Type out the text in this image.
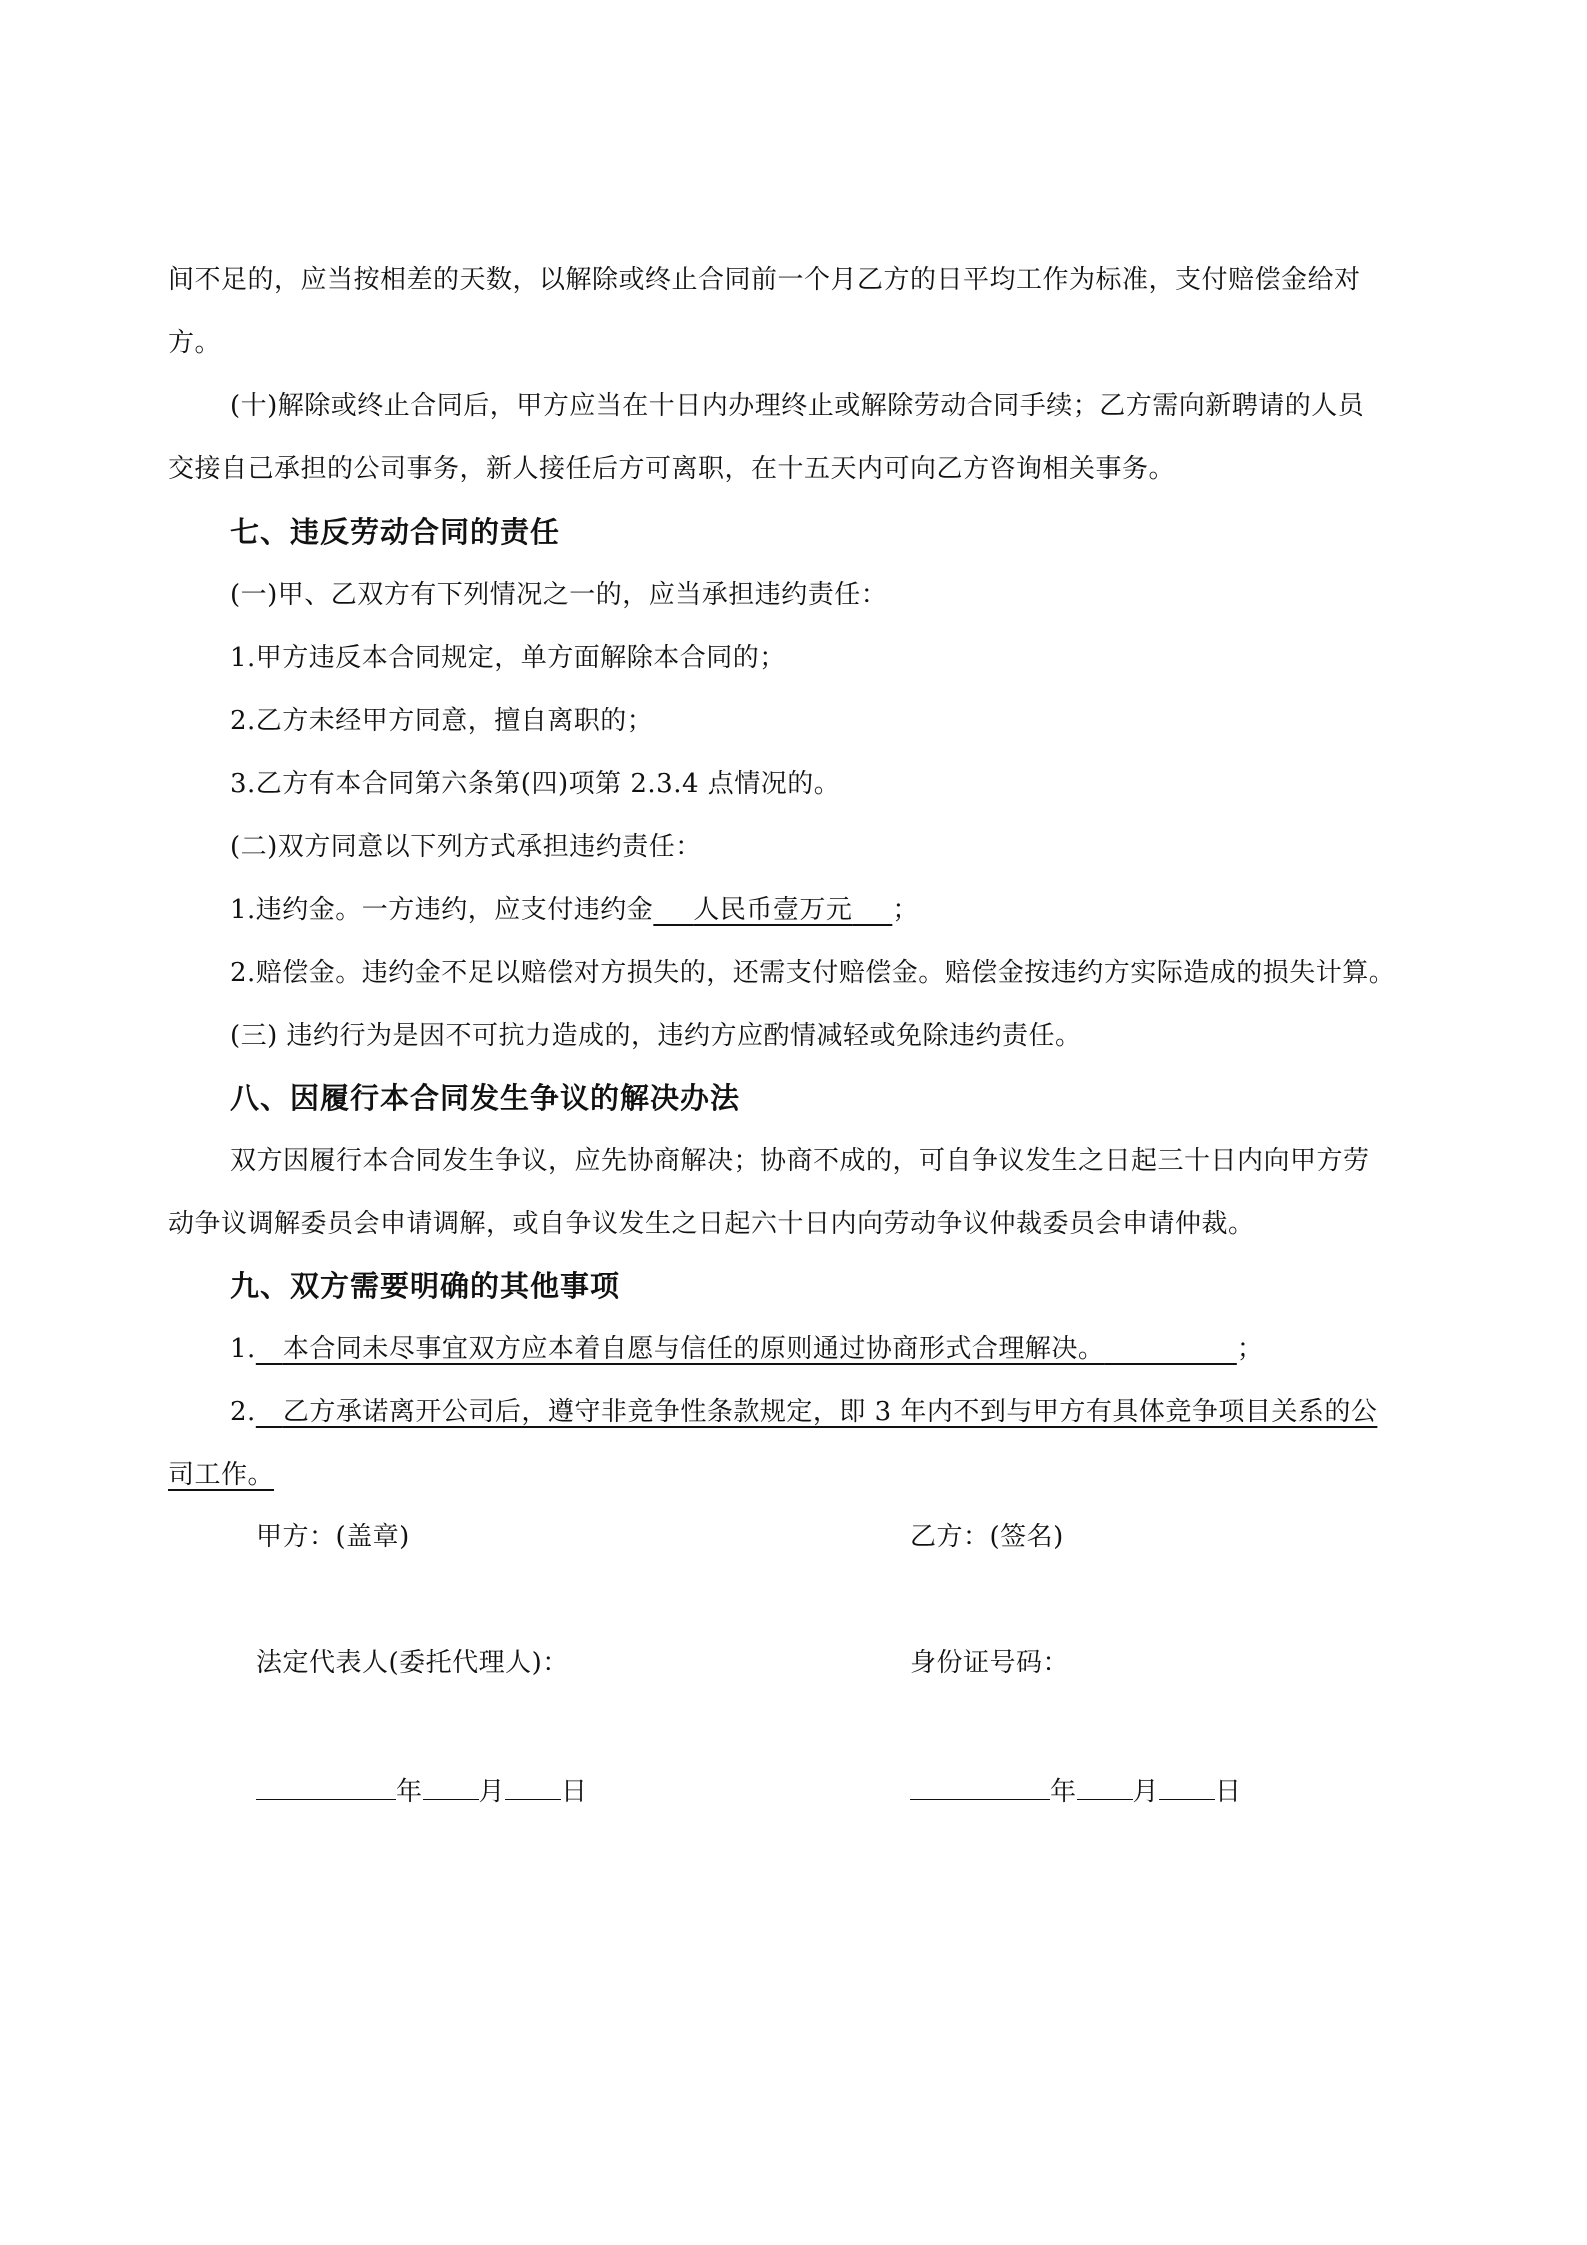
间不足的，应当按相差的天数，以解除或终止合同前一个月乙方的日平均工作为标准，支付赔偿金给对
方。
(十)解除或终止合同后，甲方应当在十日内办理终止或解除劳动合同手续；乙方需向新聘请的人员
交接自己承担的公司事务，新人接任后方可离职，在十五天内可向乙方咨询相关事务。
七、违反劳动合同的责任
(一)甲、乙双方有下列情况之一的，应当承担违约责任：
1.甲方违反本合同规定，单方面解除本合同的；
2.乙方未经甲方同意，擅自离职的；
3.乙方有本合同第六条第(四)项第 2.3.4 点情况的。
(二)双方同意以下列方式承担违约责任：
1.违约金。一方违约，应支付违约金   人民币壹万元   ；
2.赔偿金。违约金不足以赔偿对方损失的，还需支付赔偿金。赔偿金按违约方实际造成的损失计算。
(三) 违约行为是因不可抗力造成的，违约方应酌情减轻或免除违约责任。
八、因履行本合同发生争议的解决办法
双方因履行本合同发生争议，应先协商解决；协商不成的，可自争议发生之日起三十日内向甲方劳
动争议调解委员会申请调解，或自争议发生之日起六十日内向劳动争议仲裁委员会申请仲裁。
九、双方需要明确的其他事项
1.   本合同未尽事宜双方应本着自愿与信任的原则通过协商形式合理解决。     	；
2.   乙方承诺离开公司后，遵守非竞争性条款规定，即 3 年内不到与甲方有具体竞争项目关系的公
司工作。
甲方：(盖章)	乙方：(签名)
法定代表人(委托代理人)：	身份证号码：
年 月 日	年 月 日
